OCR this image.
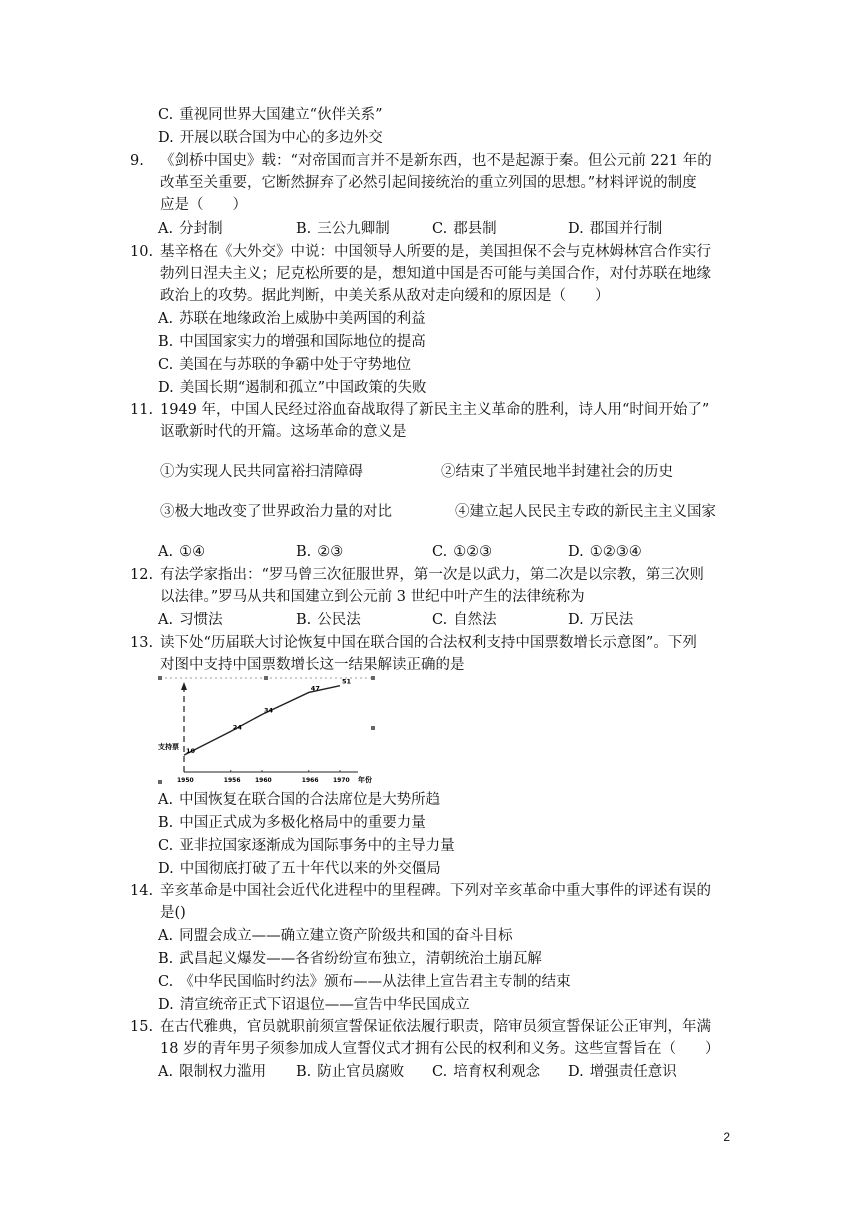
C. 重视同世界大国建立“伙伴关系”
D. 开展以联合国为中心的多边外交
9. 《剑桥中国史》载：“对帝国而言并不是新东西，也不是起源于秦。但公元前 221 年的
改革至关重要，它断然摒弃了必然引起间接统治的重立列国的思想。”材料评说的制度
应是（　　）
A. 分封制	B. 三公九卿制	C. 郡县制	D. 郡国并行制
10. 基辛格在《大外交》中说：中国领导人所要的是，美国担保不会与克林姆林宫合作实行
勃列日涅夫主义；尼克松所要的是，想知道中国是否可能与美国合作，对付苏联在地缘
政治上的攻势。据此判断，中美关系从敌对走向缓和的原因是（　　）
A. 苏联在地缘政治上威胁中美两国的利益
B. 中国国家实力的增强和国际地位的提高
C. 美国在与苏联的争霸中处于守势地位
D. 美国长期“遏制和孤立”中国政策的失败
11. 1949 年，中国人民经过浴血奋战取得了新民主主义革命的胜利，诗人用“时间开始了”
讴歌新时代的开篇。这场革命的意义是
①为实现人民共同富裕扫清障碍	②结束了半殖民地半封建社会的历史
③极大地改变了世界政治力量的对比	④建立起人民民主专政的新民主主义国家
A. ①④	B. ②③	C. ①②③	D. ①②③④
12. 有法学家指出：“罗马曾三次征服世界，第一次是以武力，第二次是以宗教，第三次则
以法律。”罗马从共和国建立到公元前 3 世纪中叶产生的法律统称为
A. 习惯法	B. 公民法	C. 自然法	D. 万民法
13. 读下处“历届联大讨论恢复中国在联合国的合法权利支持中国票数增长示意图”。下列
对图中支持中国票数增长这一结果解读正确的是
支持票
年份
1950	1956 1960	1966 1970
10
24
34
47
51
A. 中国恢复在联合国的合法席位是大势所趋
B. 中国正式成为多极化格局中的重要力量
C. 亚非拉国家逐渐成为国际事务中的主导力量
D. 中国彻底打破了五十年代以来的外交僵局
14. 辛亥革命是中国社会近代化进程中的里程碑。下列对辛亥革命中重大事件的评述有误的
是()
A. 同盟会成立——确立建立资产阶级共和国的奋斗目标
B. 武昌起义爆发——各省纷纷宣布独立，清朝统治土崩瓦解
C. 《中华民国临时约法》颁布——从法律上宣告君主专制的结束
D. 清宣统帝正式下诏退位——宣告中华民国成立
15. 在古代雅典，官员就职前须宣誓保证依法履行职责，陪审员须宣誓保证公正审判，年满
18 岁的青年男子须参加成人宣誓仪式才拥有公民的权利和义务。这些宣誓旨在（　　）
A. 限制权力滥用 B. 防止官员腐败 C. 培育权利观念 D. 增强责任意识
2
